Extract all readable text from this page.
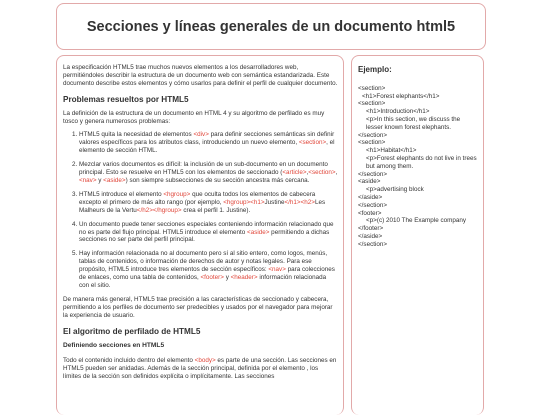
Secciones y líneas generales de un documento html5

La especificación HTML5 trae muchos nuevos elementos a los desarrolladores web, permitiéndoles describir la estructura de un documento web con semántica estandarizada. Este documento describe estos elementos y cómo usarlos para definir el perfil de cualquier documento.

Problemas resueltos por HTML5

La definición de la estructura de un documento en HTML 4 y su algoritmo de perfilado es muy tosco y genera numerosos problemas:

1. HTML5 quita la necesidad de elementos <div> para definir secciones semánticas sin definir valores específicos para los atributos class, introduciendo un nuevo elemento, <section>, el elemento de sección HTML.
2. Mezclar varios documentos es difícil: la inclusión de un sub-documento en un documento principal. Esto se resuelve en HTML5 con los elementos de seccionado (<article>,<section>,<nav> y <aside>) son siempre subsecciones de su sección ancestra más cercana.
3. HTML5 introduce el elemento <hgroup> que oculta todos los elementos de cabecera excepto el primero de más alto rango (por ejemplo, <hgroup><h1>Justine</h1><h2>Les Malheurs de la Vertu</h2></hgroup> crea el perfil 1. Justine).
4. Un documento puede tener secciones especiales conteniendo información relacionado que no es parte del flujo principal. HTML5 introduce el elemento <aside> permitiendo a dichas secciones no ser parte del perfil principal.
5. Hay información relacionada no al documento pero sí al sitio entero, como logos, menús, tablas de contenidos, o información de derechos de autor y notas legales. Para ese propósito, HTML5 introduce tres elementos de sección específicos: <nav> para colecciones de enlaces, como una tabla de contenidos, <footer> y <header> información relacionada con el sitio.

De manera más general, HTML5 trae precisión a las características de seccionado y cabecera, permitiendo a los perfiles de documento ser predecibles y usados por el navegador para mejorar la experiencia de usuario.

El algoritmo de perfilado de HTML5
Definiendo secciones en HTML5

Todo el contenido incluido dentro del elemento <body> es parte de una sección. Las secciones en HTML5 pueden ser anidadas. Además de la sección principal, definida por el elemento , los límites de la sección son definidos explícita o implícitamente. Las secciones

Ejemplo:
<section>
<h1>Forest elephants</h1>
<section>
<h1>Introduction</h1>
<p>In this section, we discuss the lesser known forest elephants.
</section>
<section>
<h1>Habitat</h1>
<p>Forest elephants do not live in trees but among them.
</section>
<aside>
<p>advertising block
</aside>
</section>
<footer>
<p>(c) 2010 The Example company
</footer>
</aside>
</section>
